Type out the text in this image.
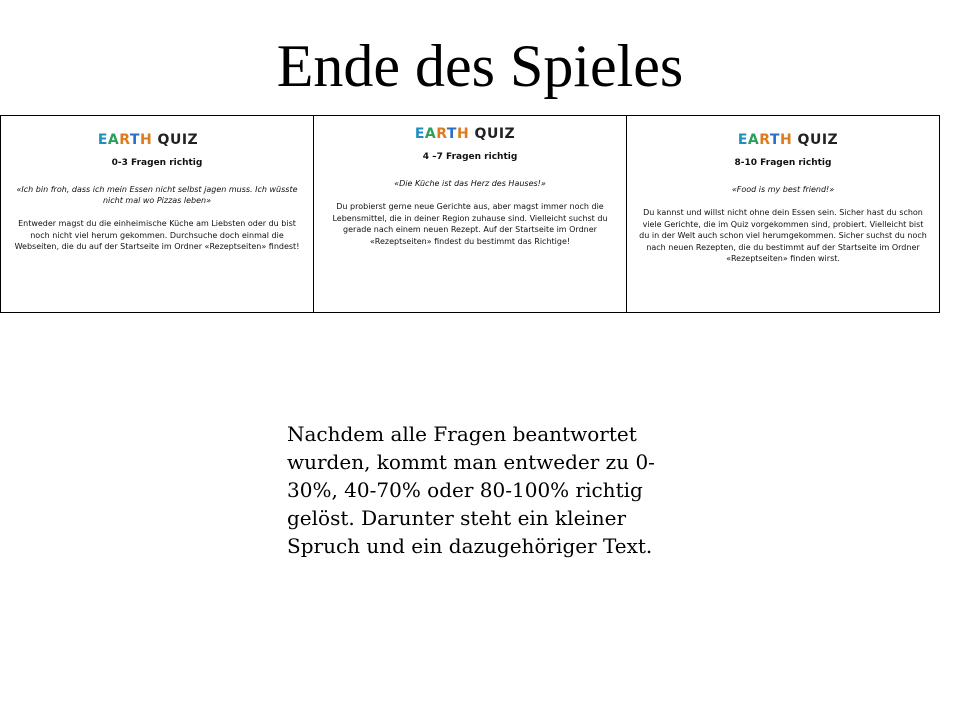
Ende des Spieles
EARTH QUIZ
0-3 Fragen richtig
«Ich bin froh, dass ich mein Essen nicht selbst jagen muss. Ich wüsste nicht mal wo Pizzas leben»
Entweder magst du die einheimische Küche am Liebsten oder du bist noch nicht viel herum gekommen. Durchsuche doch einmal die Webseiten, die du auf der Startseite im Ordner «Rezeptseiten» findest!
EARTH QUIZ
4 –7 Fragen richtig
«Die Küche ist das Herz des Hauses!»
Du probierst gerne neue Gerichte aus, aber magst immer noch die Lebensmittel, die in deiner Region zuhause sind. Vielleicht suchst du gerade nach einem neuen Rezept. Auf der Startseite im Ordner «Rezeptseiten» findest du bestimmt das Richtige!
EARTH QUIZ
8-10 Fragen richtig
«Food is my best friend!»
Du kannst und willst nicht ohne dein Essen sein. Sicher hast du schon viele Gerichte, die im Quiz vorgekommen sind, probiert. Vielleicht bist du in der Welt auch schon viel herumgekommen. Sicher suchst du noch nach neuen Rezepten, die du bestimmt auf der Startseite im Ordner «Rezeptseiten» finden wirst.
Nachdem alle Fragen beantwortet wurden, kommt man entweder zu 0-30%, 40-70% oder 80-100% richtig gelöst. Darunter steht ein kleiner Spruch und ein dazugehöriger Text.
